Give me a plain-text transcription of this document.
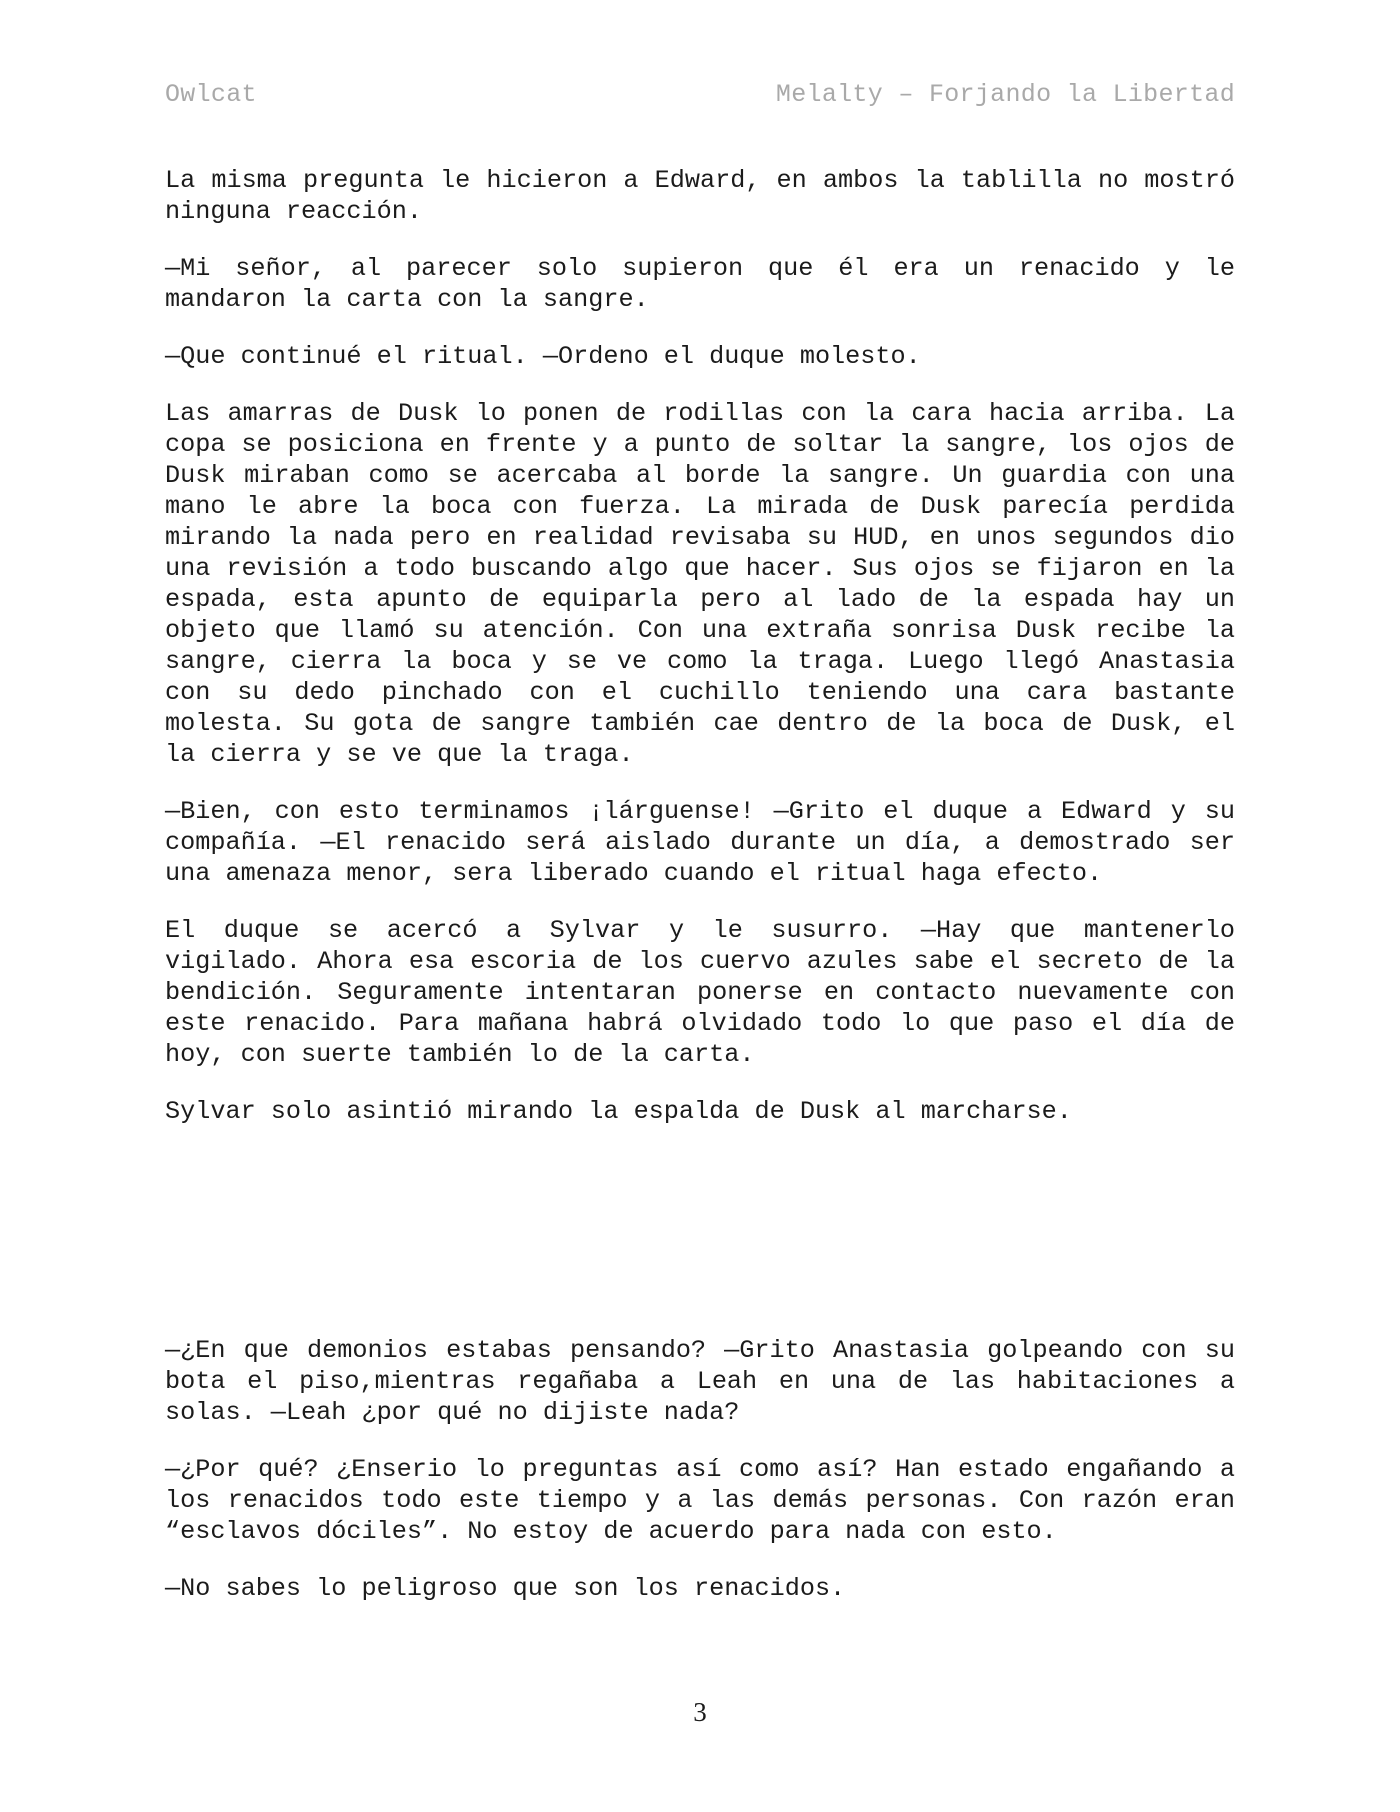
Owlcat	Melalty – Forjando la Libertad

La misma pregunta le hicieron a Edward, en ambos la tablilla no mostró ninguna reacción.

—Mi señor, al parecer solo supieron que él era un renacido y le mandaron la carta con la sangre.

—Que continué el ritual. —Ordeno el duque molesto.

Las amarras de Dusk lo ponen de rodillas con la cara hacia arriba. La copa se posiciona en frente y a punto de soltar la sangre, los ojos de Dusk miraban como se acercaba al borde la sangre. Un guardia con una mano le abre la boca con fuerza. La mirada de Dusk parecía perdida mirando la nada pero en realidad revisaba su HUD, en unos segundos dio una revisión a todo buscando algo que hacer. Sus ojos se fijaron en la espada, esta apunto de equiparla pero al lado de la espada hay un objeto que llamó su atención. Con una extraña sonrisa Dusk recibe la sangre, cierra la boca y se ve como la traga. Luego llegó Anastasia con su dedo pinchado con el cuchillo teniendo una cara bastante molesta. Su gota de sangre también cae dentro de la boca de Dusk, el la cierra y se ve que la traga.

—Bien, con esto terminamos ¡lárguense! —Grito el duque a Edward y su compañía. —El renacido será aislado durante un día, a demostrado ser una amenaza menor, sera liberado cuando el ritual haga efecto.

El duque se acercó a Sylvar y le susurro. —Hay que mantenerlo vigilado. Ahora esa escoria de los cuervo azules sabe el secreto de la bendición. Seguramente intentaran ponerse en contacto nuevamente con este renacido. Para mañana habrá olvidado todo lo que paso el día de hoy, con suerte también lo de la carta.

Sylvar solo asintió mirando la espalda de Dusk al marcharse.

—¿En que demonios estabas pensando? —Grito Anastasia golpeando con su bota el piso,mientras regañaba a Leah en una de las habitaciones a solas. —Leah ¿por qué no dijiste nada?

—¿Por qué? ¿Enserio lo preguntas así como así? Han estado engañando a los renacidos todo este tiempo y a las demás personas. Con razón eran “esclavos dóciles”. No estoy de acuerdo para nada con esto.

—No sabes lo peligroso que son los renacidos.

3
